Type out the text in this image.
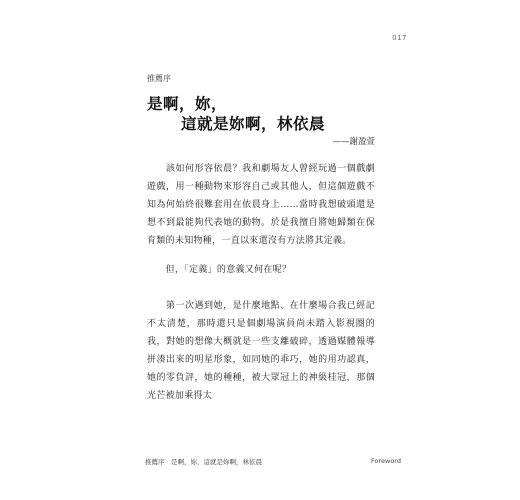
017
推薦序
是啊，妳，
這就是妳啊，林依晨
——謝盈萱

　　該如何形容依晨？我和劇場友人曾經玩過一個戲劇遊戲，用一種動物來形容自己或其他人，但這個遊戲不知為何始終很難套用在依晨身上……當時我想破頭還是想不到最能夠代表她的動物。於是我擅自將她歸類在保育類的未知物種，一直以來還沒有方法將其定義。

　　但，「定義」的意義又何在呢？

　　第一次遇到她，是什麼地點、在什麼場合我已經記不太清楚，那時還只是個劇場演員尚未踏入影視圈的我，對她的想像大概就是一些支離破碎，透過媒體報導拼湊出來的明星形象，如同她的乖巧，她的用功認真，她的零負評，她的種種，被大眾冠上的神級桂冠，那個光芒被加乘得太

推薦序　是啊，妳，這就是妳啊，林依晨	Foreword
